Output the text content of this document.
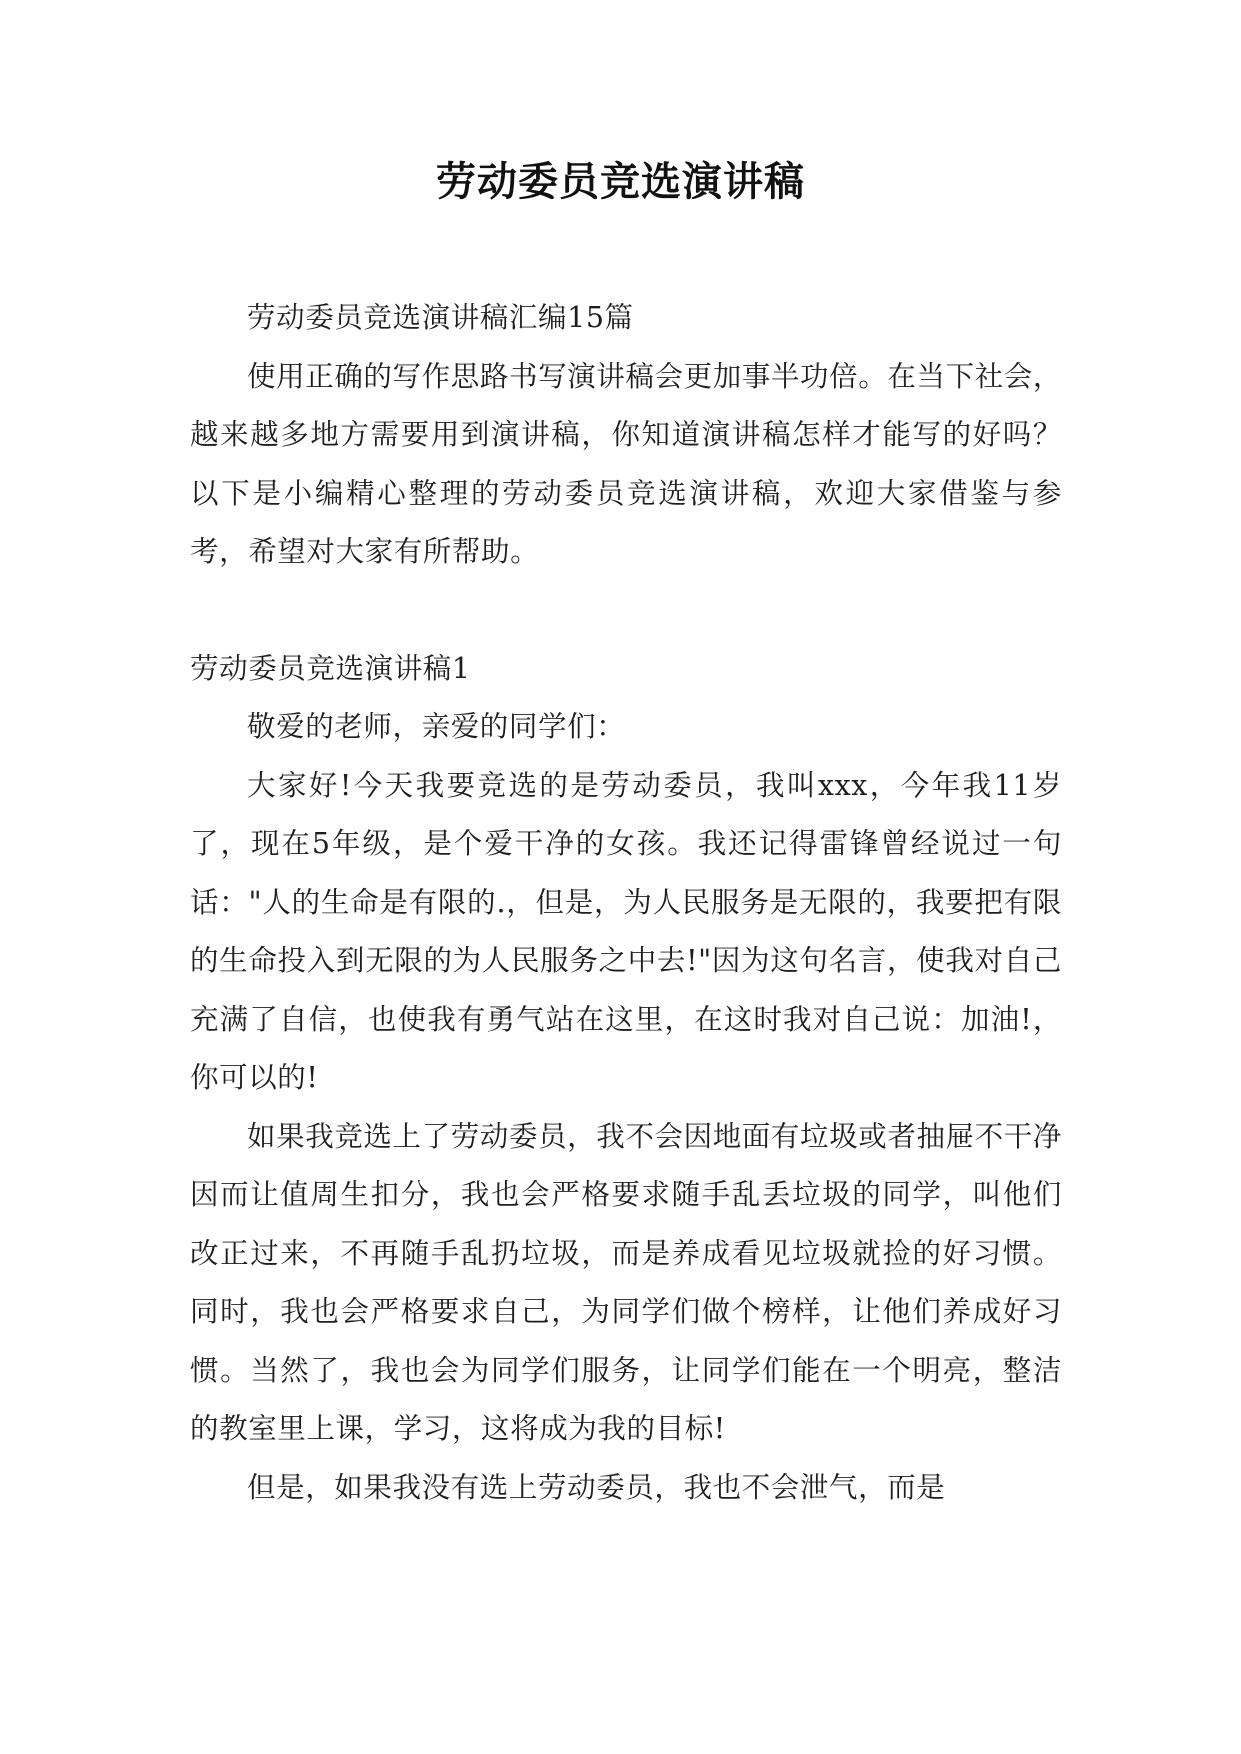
劳动委员竞选演讲稿

劳动委员竞选演讲稿汇编15篇

使用正确的写作思路书写演讲稿会更加事半功倍。在当下社会，越来越多地方需要用到演讲稿，你知道演讲稿怎样才能写的好吗？以下是小编精心整理的劳动委员竞选演讲稿，欢迎大家借鉴与参考，希望对大家有所帮助。

劳动委员竞选演讲稿1

敬爱的老师，亲爱的同学们：

大家好!今天我要竞选的是劳动委员，我叫xxx，今年我11岁了，现在5年级，是个爱干净的女孩。我还记得雷锋曾经说过一句话："人的生命是有限的.，但是，为人民服务是无限的，我要把有限的生命投入到无限的为人民服务之中去!"因为这句名言，使我对自己充满了自信，也使我有勇气站在这里，在这时我对自己说：加油!，你可以的!

如果我竞选上了劳动委员，我不会因地面有垃圾或者抽屉不干净因而让值周生扣分，我也会严格要求随手乱丢垃圾的同学，叫他们改正过来，不再随手乱扔垃圾，而是养成看见垃圾就捡的好习惯。同时，我也会严格要求自己，为同学们做个榜样，让他们养成好习惯。当然了，我也会为同学们服务，让同学们能在一个明亮，整洁的教室里上课，学习，这将成为我的目标!

但是，如果我没有选上劳动委员，我也不会泄气，而是
